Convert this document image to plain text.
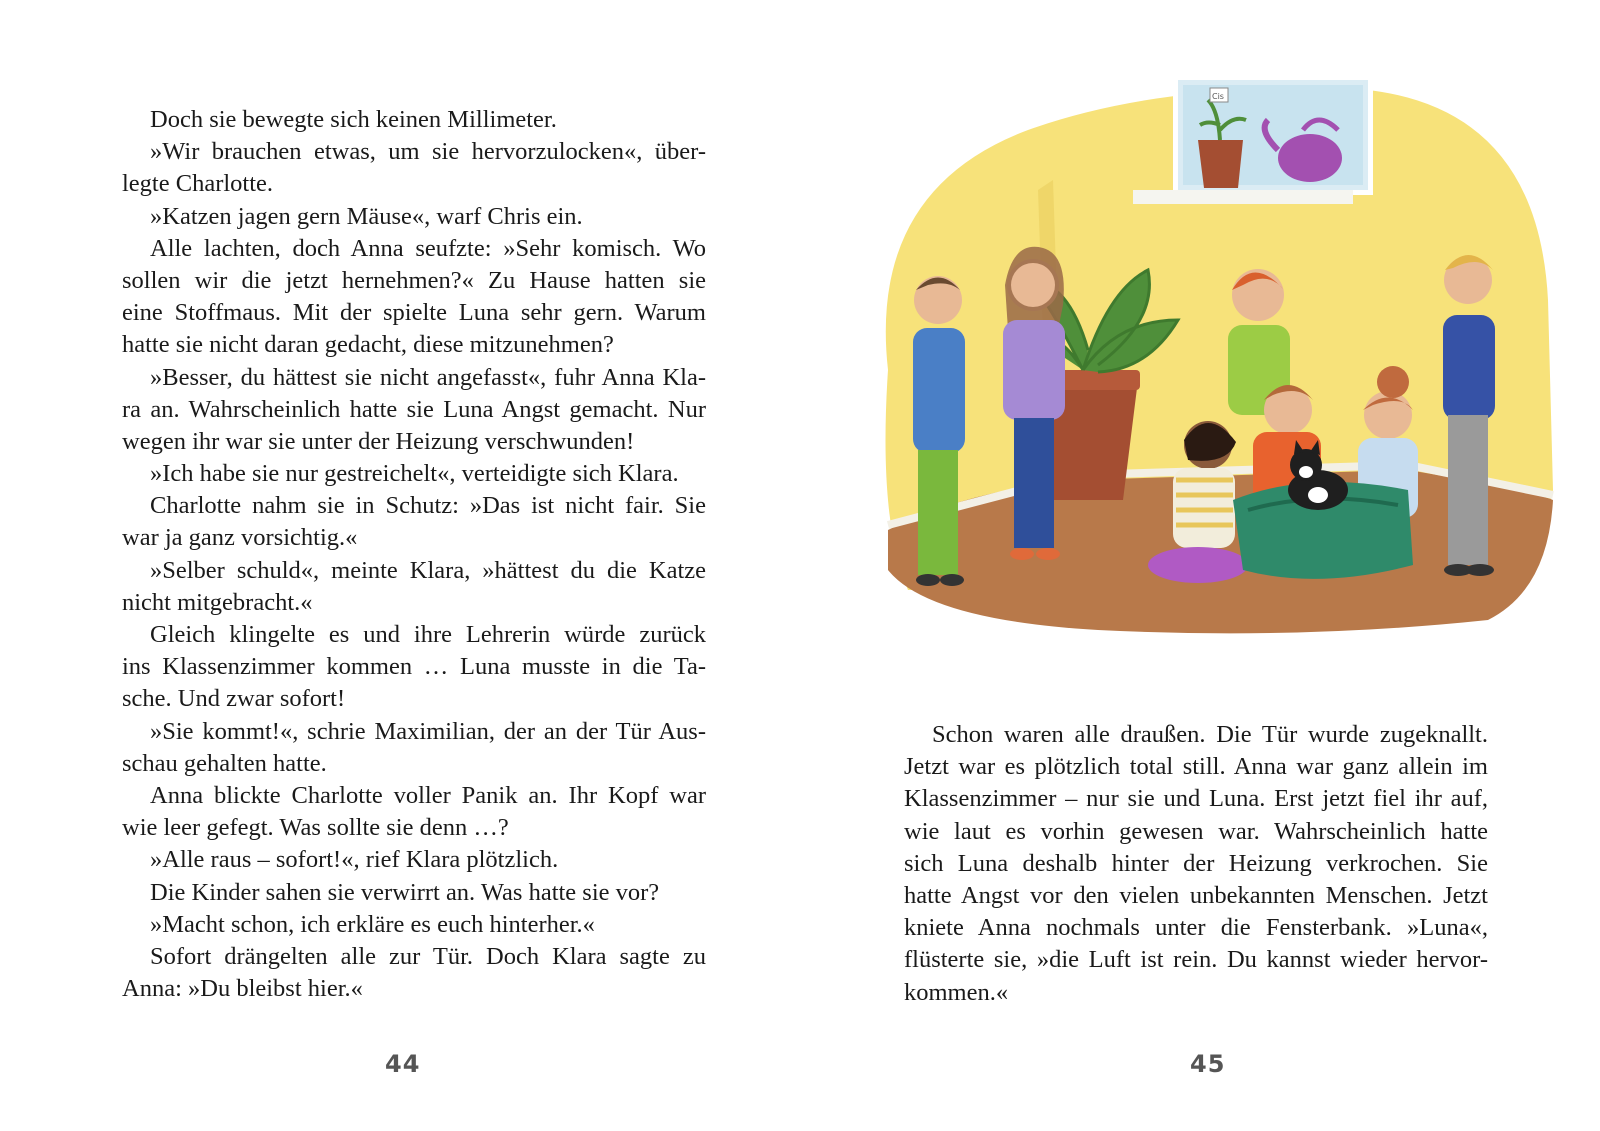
Doch sie bewegte sich keinen Millimeter.
»Wir brauchen etwas, um sie hervorzulocken«, über-
legte Charlotte.
»Katzen jagen gern Mäuse«, warf Chris ein.
Alle lachten, doch Anna seufzte: »Sehr komisch. Wo
sollen wir die jetzt hernehmen?« Zu Hause hatten sie
eine Stoffmaus. Mit der spielte Luna sehr gern. Warum
hatte sie nicht daran gedacht, diese mitzunehmen?
»Besser, du hättest sie nicht angefasst«, fuhr Anna Kla-
ra an. Wahrscheinlich hatte sie Luna Angst gemacht. Nur
wegen ihr war sie unter der Heizung verschwunden!
»Ich habe sie nur gestreichelt«, verteidigte sich Klara.
Charlotte nahm sie in Schutz: »Das ist nicht fair. Sie
war ja ganz vorsichtig.«
»Selber schuld«, meinte Klara, »hättest du die Katze
nicht mitgebracht.«
Gleich klingelte es und ihre Lehrerin würde zurück
ins Klassenzimmer kommen … Luna musste in die Ta-
sche. Und zwar sofort!
»Sie kommt!«, schrie Maximilian, der an der Tür Aus-
schau gehalten hatte.
Anna blickte Charlotte voller Panik an. Ihr Kopf war
wie leer gefegt. Was sollte sie denn …?
»Alle raus – sofort!«, rief Klara plötzlich.
Die Kinder sahen sie verwirrt an. Was hatte sie vor?
»Macht schon, ich erkläre es euch hinterher.«
Sofort drängelten alle zur Tür. Doch Klara sagte zu
Anna: »Du bleibst hier.«
44
Cis
Schon waren alle draußen. Die Tür wurde zugeknallt.
Jetzt war es plötzlich total still. Anna war ganz allein im
Klassenzimmer – nur sie und Luna. Erst jetzt fiel ihr auf,
wie laut es vorhin gewesen war. Wahrscheinlich hatte
sich Luna deshalb hinter der Heizung verkrochen. Sie
hatte Angst vor den vielen unbekannten Menschen. Jetzt
kniete Anna nochmals unter die Fensterbank. »Luna«,
flüsterte sie, »die Luft ist rein. Du kannst wieder hervor-
kommen.«
45
